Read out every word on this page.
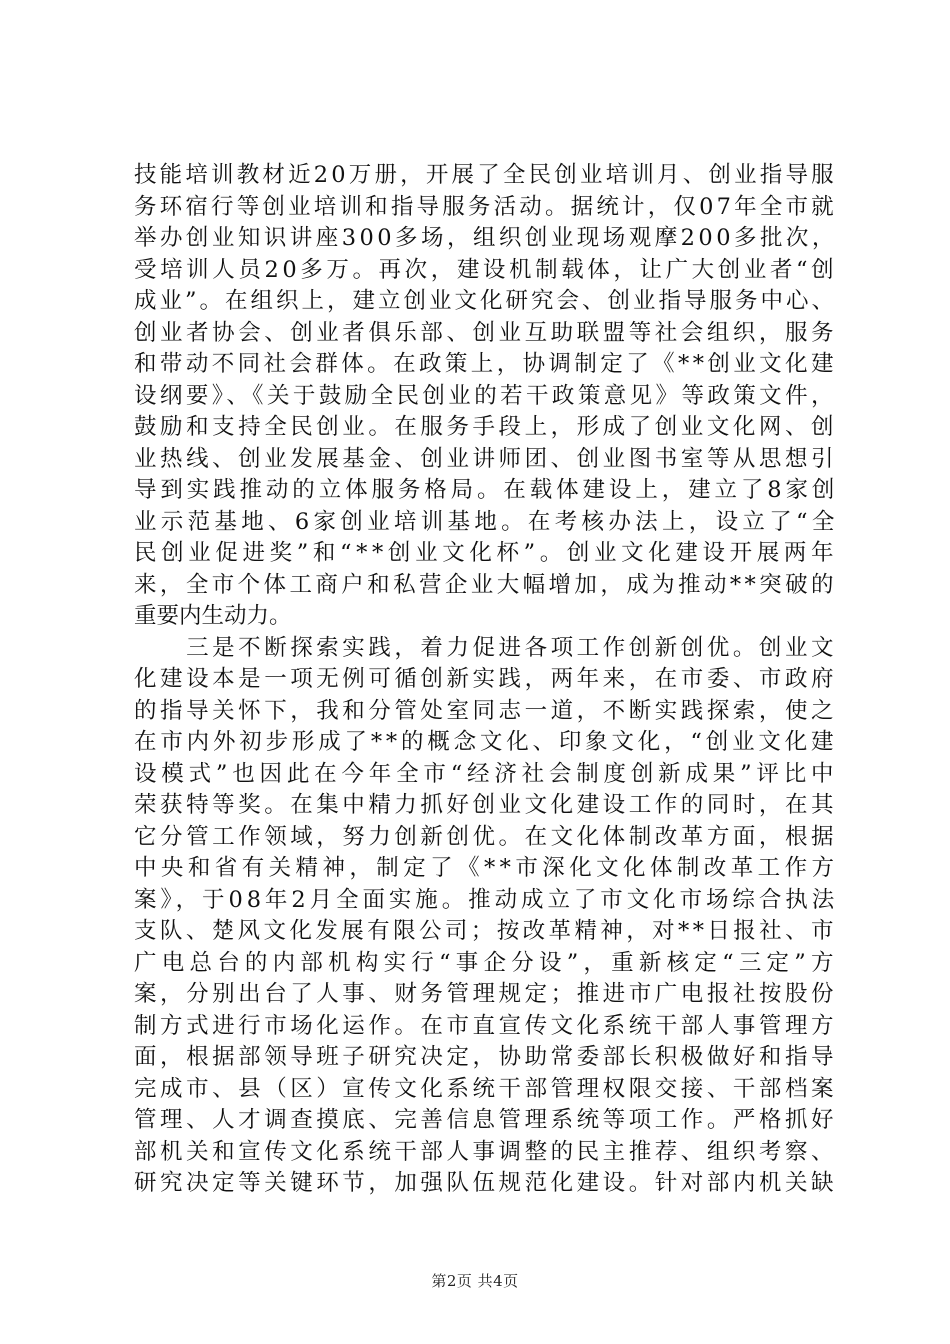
技能培训教材近20万册，开展了全民创业培训月、创业指导服
务环宿行等创业培训和指导服务活动。据统计，仅07年全市就
举办创业知识讲座300多场，组织创业现场观摩200多批次，
受培训人员20多万。再次，建设机制载体，让广大创业者“创
成业”。在组织上，建立创业文化研究会、创业指导服务中心、
创业者协会、创业者俱乐部、创业互助联盟等社会组织，服务
和带动不同社会群体。在政策上，协调制定了《**创业文化建
设纲要》、《关于鼓励全民创业的若干政策意见》等政策文件，
鼓励和支持全民创业。在服务手段上，形成了创业文化网、创
业热线、创业发展基金、创业讲师团、创业图书室等从思想引
导到实践推动的立体服务格局。在载体建设上，建立了8家创
业示范基地、6家创业培训基地。在考核办法上，设立了“全
民创业促进奖”和“**创业文化杯”。创业文化建设开展两年
来，全市个体工商户和私营企业大幅增加，成为推动**突破的
重要内生动力。
　　三是不断探索实践，着力促进各项工作创新创优。创业文
化建设本是一项无例可循创新实践，两年来，在市委、市政府
的指导关怀下，我和分管处室同志一道，不断实践探索，使之
在市内外初步形成了**的概念文化、印象文化，“创业文化建
设模式”也因此在今年全市“经济社会制度创新成果”评比中
荣获特等奖。在集中精力抓好创业文化建设工作的同时，在其
它分管工作领域，努力创新创优。在文化体制改革方面，根据
中央和省有关精神，制定了《**市深化文化体制改革工作方
案》，于08年2月全面实施。推动成立了市文化市场综合执法
支队、楚风文化发展有限公司；按改革精神，对**日报社、市
广电总台的内部机构实行“事企分设”，重新核定“三定”方
案，分别出台了人事、财务管理规定；推进市广电报社按股份
制方式进行市场化运作。在市直宣传文化系统干部人事管理方
面，根据部领导班子研究决定，协助常委部长积极做好和指导
完成市、县（区）宣传文化系统干部管理权限交接、干部档案
管理、人才调查摸底、完善信息管理系统等项工作。严格抓好
部机关和宣传文化系统干部人事调整的民主推荐、组织考察、
研究决定等关键环节，加强队伍规范化建设。针对部内机关缺
第2页 共4页
